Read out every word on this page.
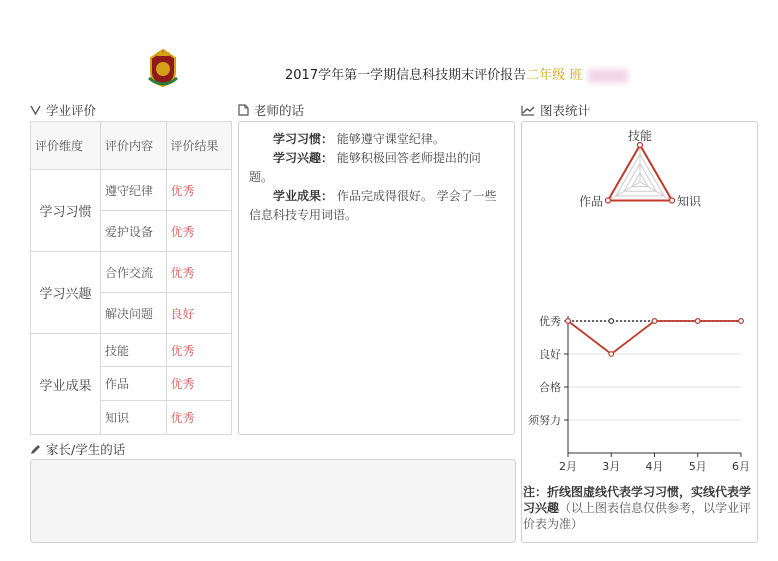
2017学年第一学期信息科技期末评价报告二年级 班
学业评价	老师的话	图表统计
家长/学生的话
评价维度	评价内容	评价结果
学习习惯	遵守纪律	优秀
	爱护设备	优秀
学习兴趣	合作交流	优秀
	解决问题	良好
学业成果	技能	优秀
	作品	优秀
	知识	优秀

学习习惯： 能够遵守课堂纪律。

学习兴趣： 能够积极回答老师提出的问题。

学业成果： 作品完成得很好。 学会了一些信息科技专用词语。

技能
知识
作品
须努力
合格
良好
优秀
2月 3月 4月 5月 6月
注：折线图虚线代表学习习惯，实线代表学习兴趣（以上图表信息仅供参考，以学业评价表为准）
